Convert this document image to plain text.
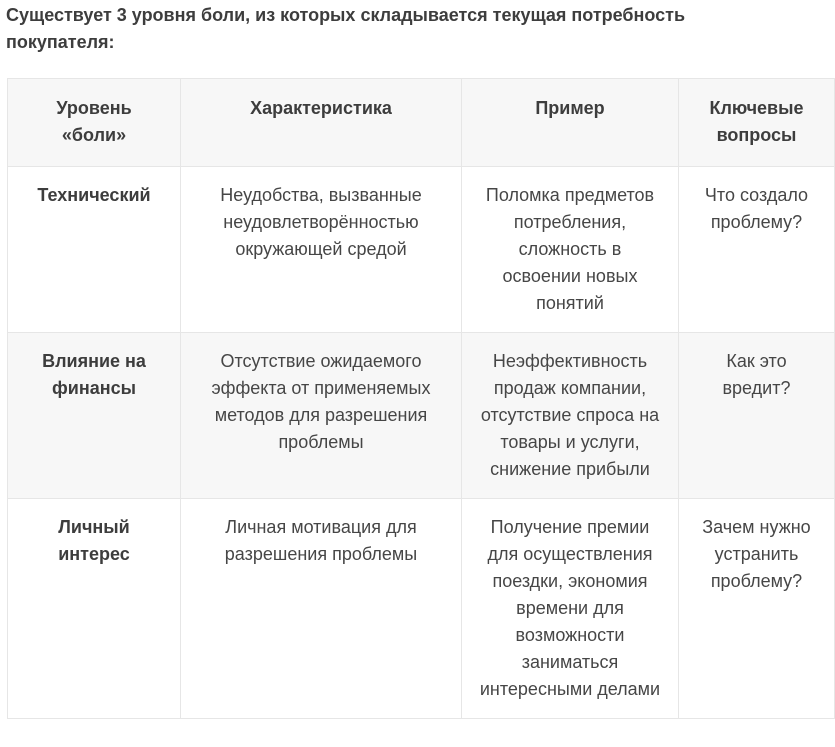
Существует 3 уровня боли, из которых складывается текущая потребность покупателя:

Уровень «боли»	Характеристика	Пример	Ключевые вопросы
Технический	Неудобства, вызванные неудовлетворённостью окружающей средой	Поломка предметов потребления, сложность в освоении новых понятий	Что создало проблему?
Влияние на финансы	Отсутствие ожидаемого эффекта от применяемых методов для разрешения проблемы	Неэффективность продаж компании, отсутствие спроса на товары и услуги, снижение прибыли	Как это вредит?
Личный интерес	Личная мотивация для разрешения проблемы	Получение премии для осуществления поездки, экономия времени для возможности заниматься интересными делами	Зачем нужно устранить проблему?
